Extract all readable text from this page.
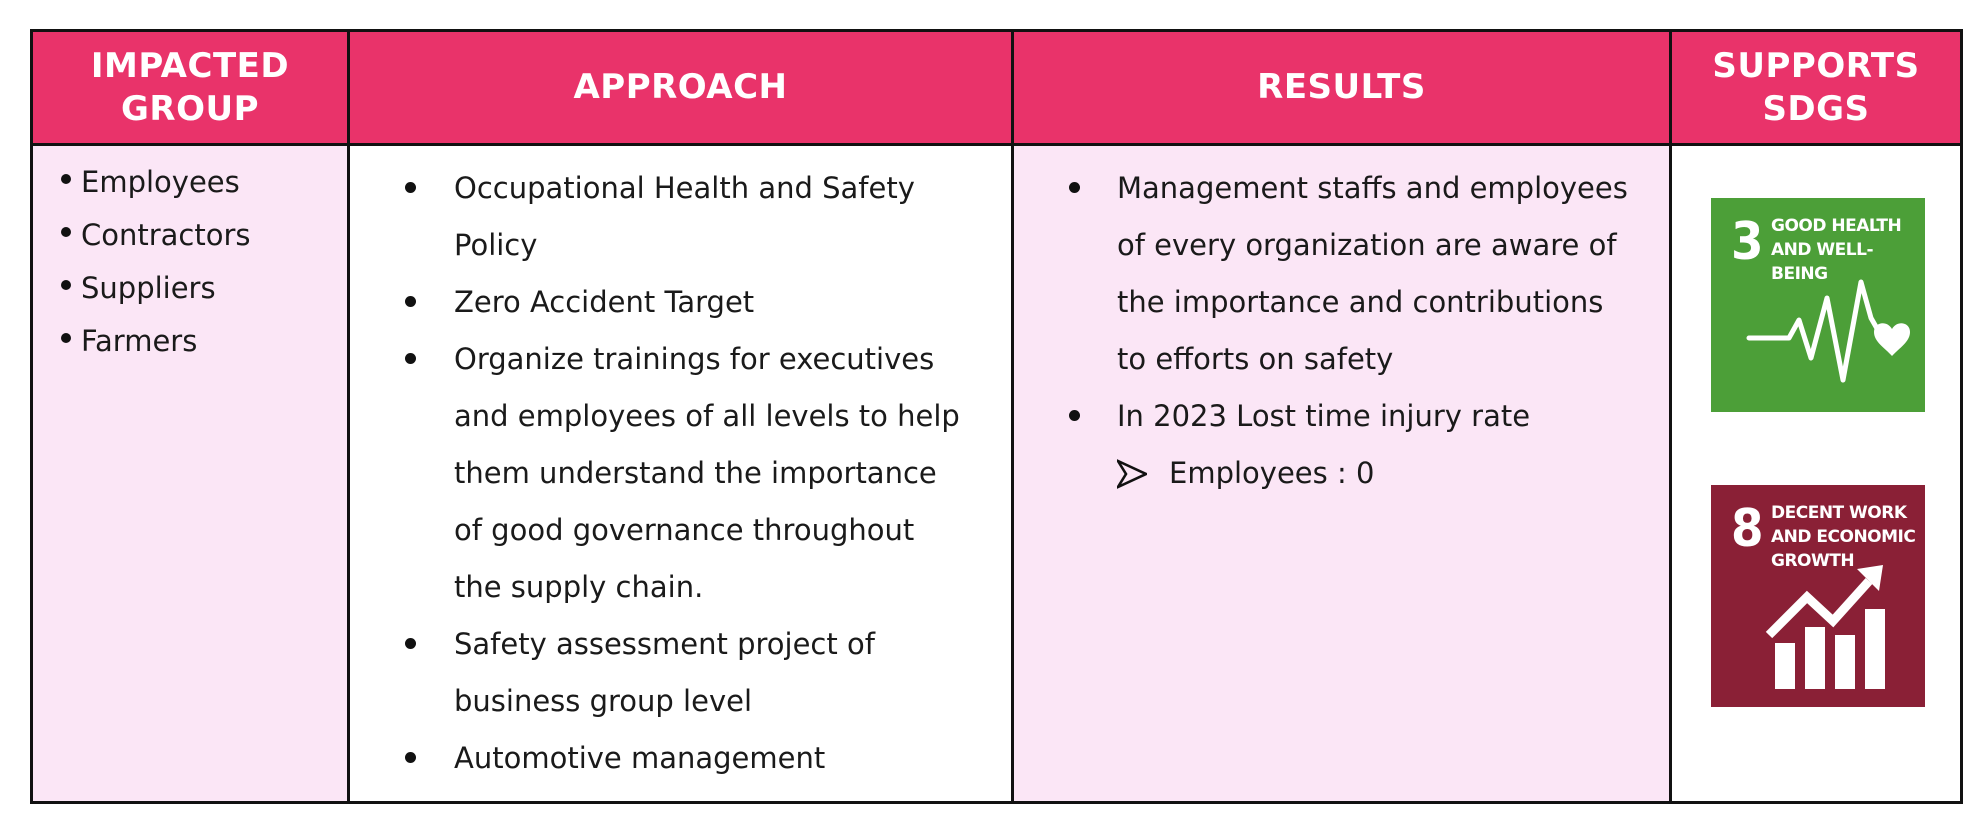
IMPACTED GROUP
APPROACH	RESULTS
SUPPORTS SDGS
Employees
Contractors
Suppliers
Farmers
Occupational Health and Safety Policy
Zero Accident Target
Organize trainings for executives and employees of all levels to help them understand the importance of good governance throughout the supply chain.
Safety assessment project of business group level
Automotive management
Management staffs and employees of every organization are aware of the importance and contributions to efforts on safety
In 2023 Lost time injury rate
Employees : 0
3 GOOD HEALTH AND WELL-BEING
8 DECENT WORK AND ECONOMIC GROWTH
